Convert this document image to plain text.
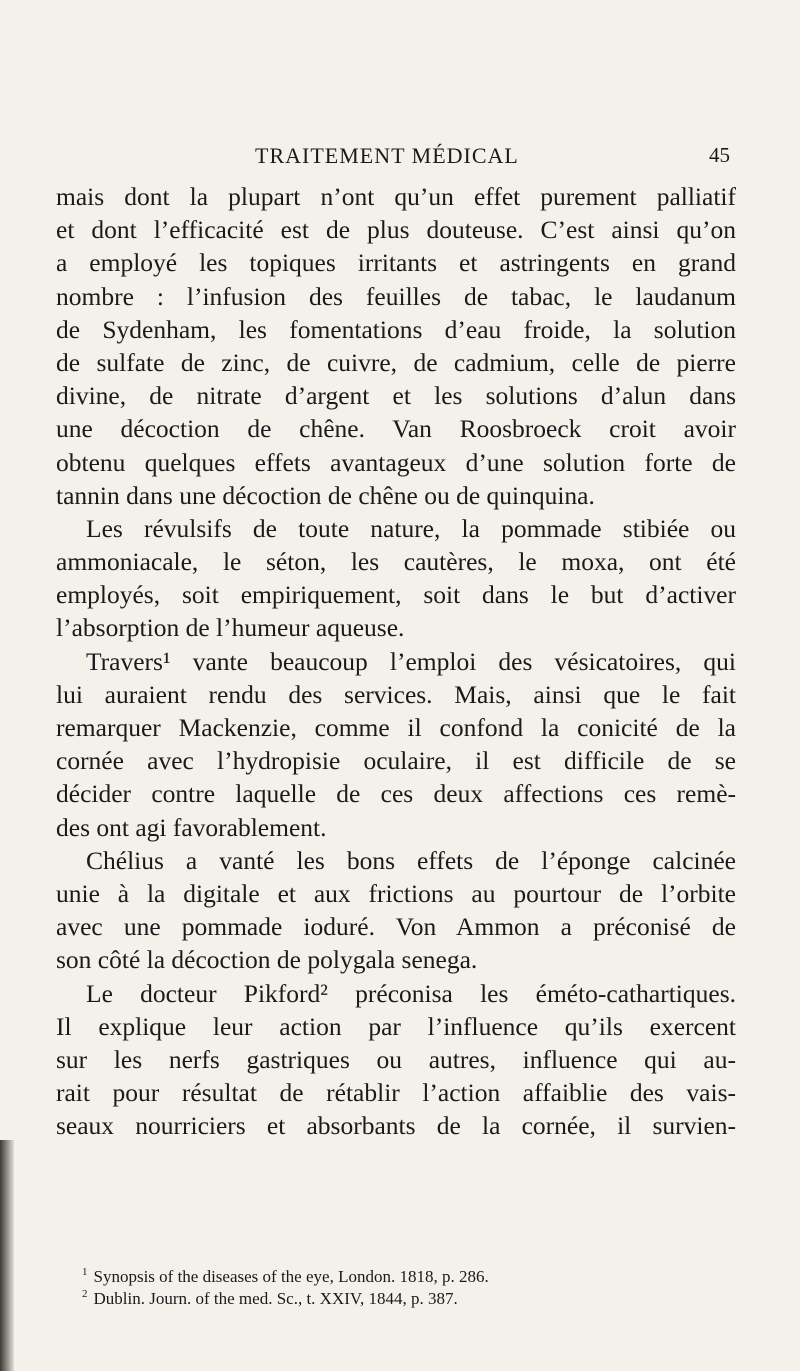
TRAITEMENT MÉDICAL	45
mais dont la plupart n’ont qu’un effet purement palliatif
et dont l’efficacité est de plus douteuse. C’est ainsi qu’on
a employé les topiques irritants et astringents en grand
nombre : l’infusion des feuilles de tabac, le laudanum
de Sydenham, les fomentations d’eau froide, la solution
de sulfate de zinc, de cuivre, de cadmium, celle de pierre
divine, de nitrate d’argent et les solutions d’alun dans
une décoction de chêne. Van Roosbroeck croit avoir
obtenu quelques effets avantageux d’une solution forte de
tannin dans une décoction de chêne ou de quinquina.
Les révulsifs de toute nature, la pommade stibiée ou
ammoniacale, le séton, les cautères, le moxa, ont été
employés, soit empiriquement, soit dans le but d’activer
l’absorption de l’humeur aqueuse.
Travers¹ vante beaucoup l’emploi des vésicatoires, qui
lui auraient rendu des services. Mais, ainsi que le fait
remarquer Mackenzie, comme il confond la conicité de la
cornée avec l’hydropisie oculaire, il est difficile de se
décider contre laquelle de ces deux affections ces remè-
des ont agi favorablement.
Chélius a vanté les bons effets de l’éponge calcinée
unie à la digitale et aux frictions au pourtour de l’orbite
avec une pommade ioduré. Von Ammon a préconisé de
son côté la décoction de polygala senega.
Le docteur Pikford² préconisa les éméto-cathartiques.
Il explique leur action par l’influence qu’ils exercent
sur les nerfs gastriques ou autres, influence qui au-
rait pour résultat de rétablir l’action affaiblie des vais-
seaux nourriciers et absorbants de la cornée, il survien-
$^1$ Synopsis of the diseases of the eye, London. 1818, p. 286.
$^2$ Dublin. Journ. of the med. Sc., t. XXIV, 1844, p. 387.
